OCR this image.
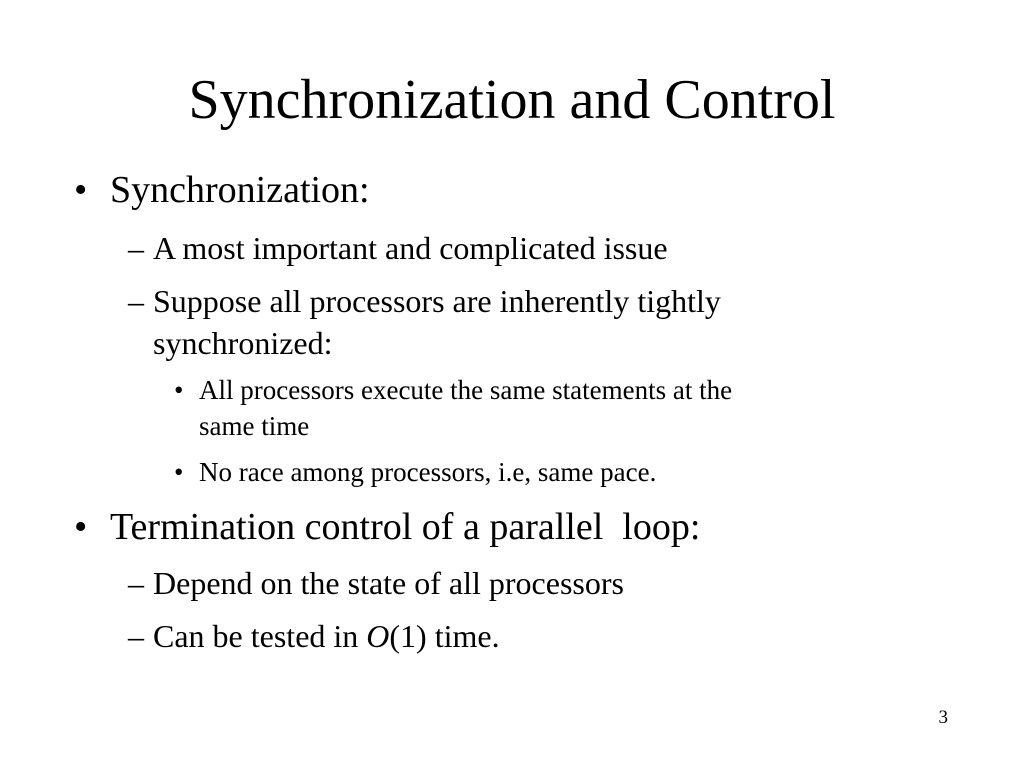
Synchronization and Control
• Synchronization:
– A most important and complicated issue
– Suppose all processors are inherently tightly
synchronized:
• All processors execute the same statements at the
same time
• No race among processors, i.e, same pace.
• Termination control of a parallel  loop:
– Depend on the state of all processors
– Can be tested in O(1) time.
3
